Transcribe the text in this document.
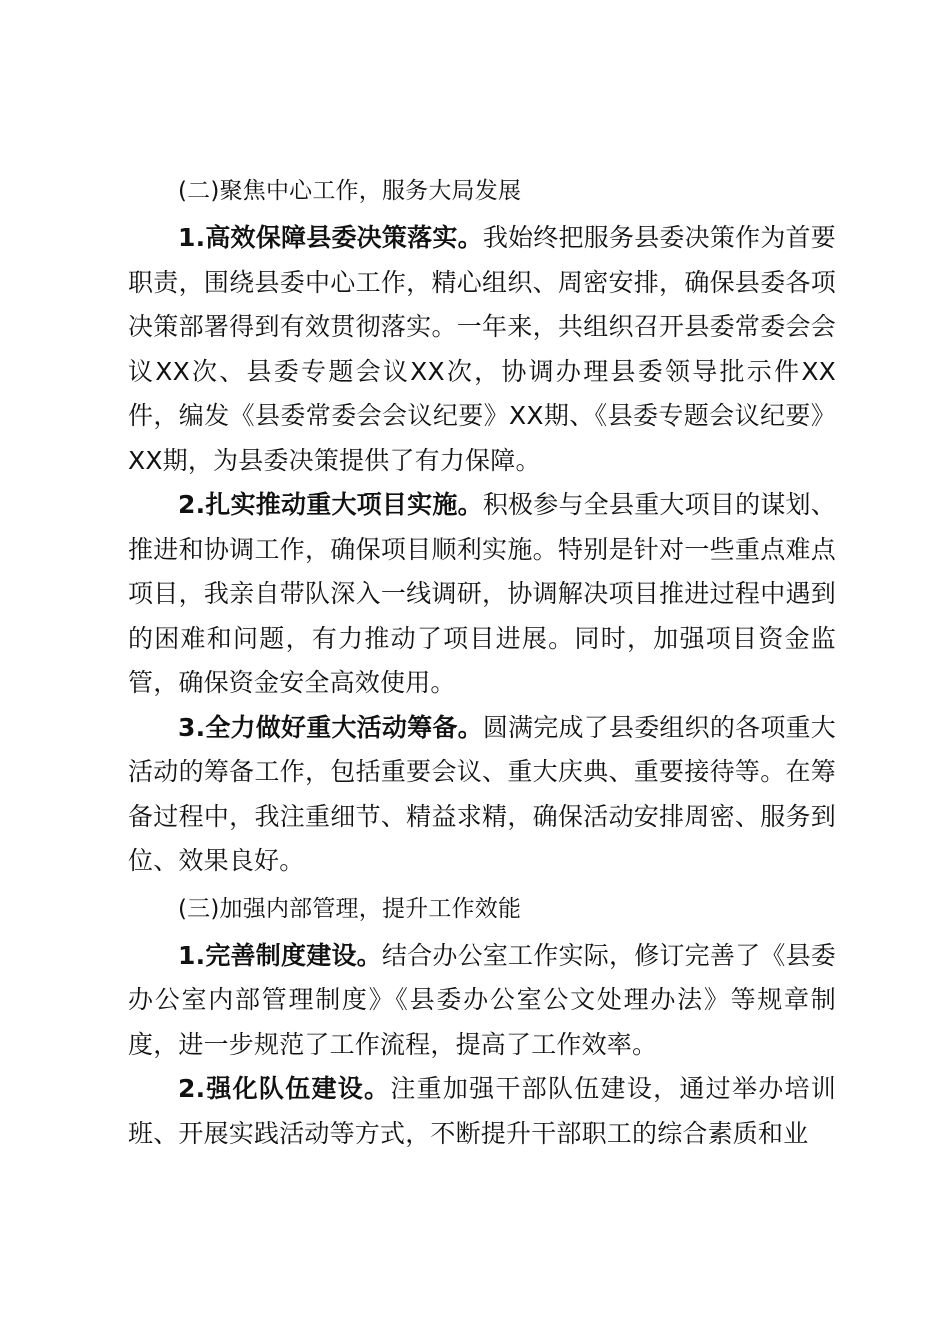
(二)聚焦中心工作，服务大局发展

1.高效保障县委决策落实。我始终把服务县委决策作为首要职责，围绕县委中心工作，精心组织、周密安排，确保县委各项决策部署得到有效贯彻落实。一年来，共组织召开县委常委会会议XX次、县委专题会议XX次，协调办理县委领导批示件XX件，编发《县委常委会会议纪要》XX期、《县委专题会议纪要》XX期，为县委决策提供了有力保障。

2.扎实推动重大项目实施。积极参与全县重大项目的谋划、推进和协调工作，确保项目顺利实施。特别是针对一些重点难点项目，我亲自带队深入一线调研，协调解决项目推进过程中遇到的困难和问题，有力推动了项目进展。同时，加强项目资金监管，确保资金安全高效使用。

3.全力做好重大活动筹备。圆满完成了县委组织的各项重大活动的筹备工作，包括重要会议、重大庆典、重要接待等。在筹备过程中，我注重细节、精益求精，确保活动安排周密、服务到位、效果良好。

(三)加强内部管理，提升工作效能

1.完善制度建设。结合办公室工作实际，修订完善了《县委办公室内部管理制度》《县委办公室公文处理办法》等规章制度，进一步规范了工作流程，提高了工作效率。

2.强化队伍建设。注重加强干部队伍建设，通过举办培训班、开展实践活动等方式，不断提升干部职工的综合素质和业
